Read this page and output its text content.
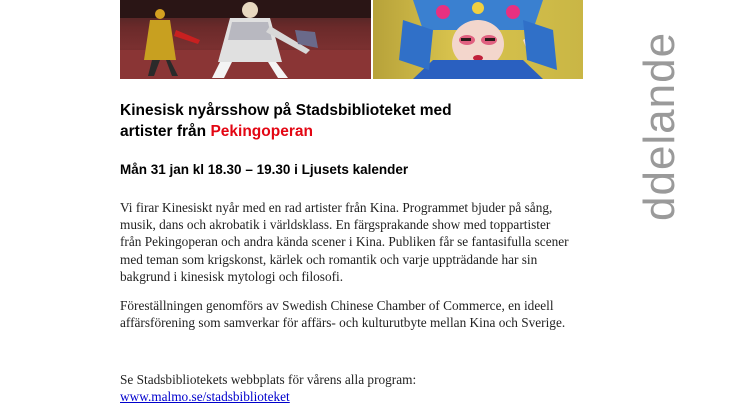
Kinesisk nyårsshow på Stadsbiblioteket med
artister från Pekingoperan

Mån 31 jan kl 18.30 – 19.30 i Ljusets kalender

Vi firar Kinesiskt nyår med en rad artister från Kina. Programmet bjuder på sång, musik, dans och akrobatik i världsklass. En färgsprakande show med toppartister från Pekingoperan och andra kända scener i Kina. Publiken får se fantasifulla scener med teman som krigskonst, kärlek och romantik och varje uppträdande har sin bakgrund i kinesisk mytologi och filosofi.

Föreställningen genomförs av Swedish Chinese Chamber of Commerce, en ideell affärsförening som samverkar för affärs- och kulturutbyte mellan Kina och Sverige.

Se Stadsbibliotekets webbplats för vårens alla program:
www.malmo.se/stadsbiblioteket

ddelande
